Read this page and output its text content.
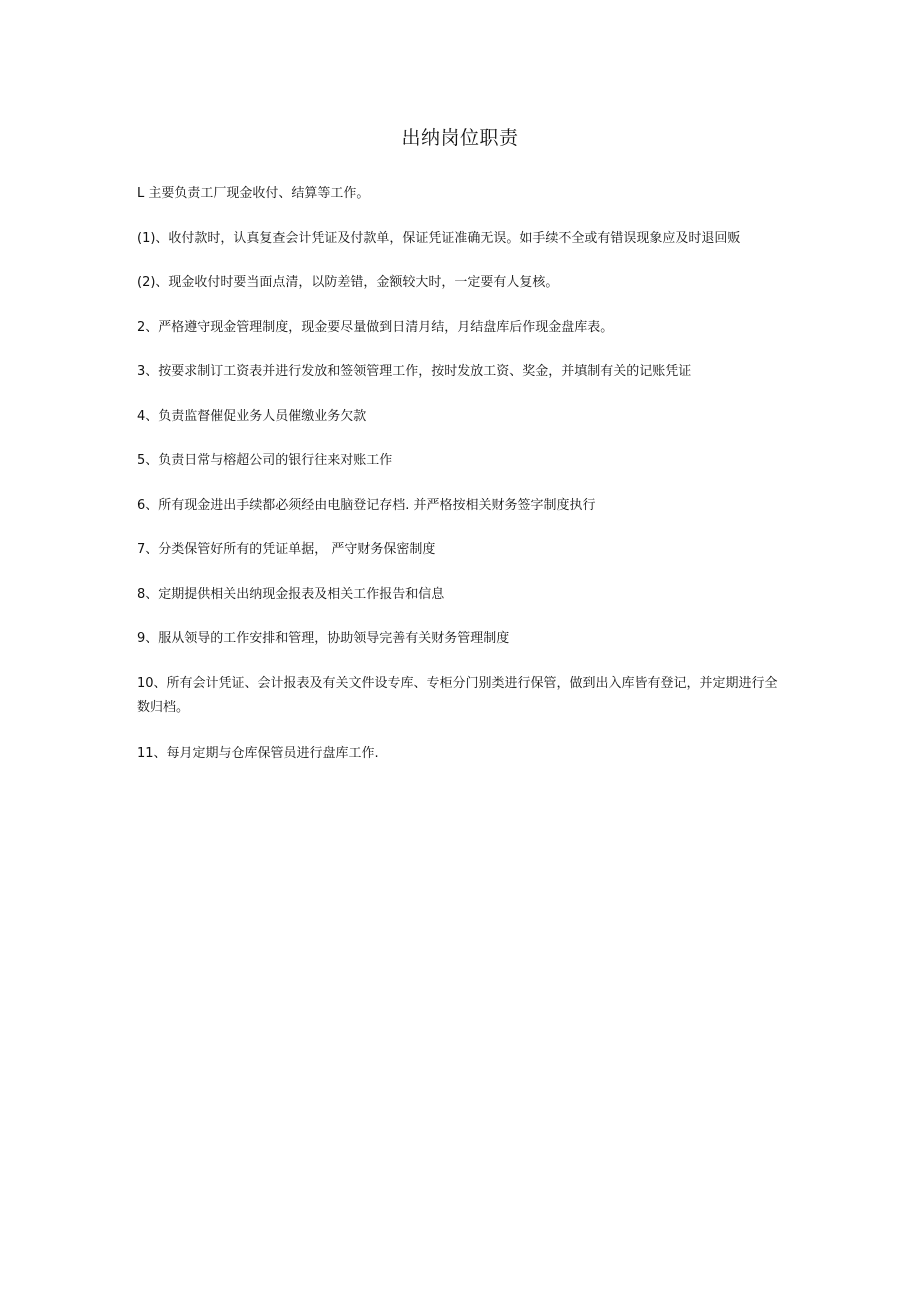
出纳岗位职责
L 主要负责工厂现金收付、结算等工作。
(1)、收付款时，认真复查会计凭证及付款单，保证凭证准确无误。如手续不全或有错误现象应及时退回贩
(2)、现金收付时要当面点清，以防差错，金额较大时，一定要有人复核。
2、严格遵守现金管理制度，现金要尽量做到日清月结，月结盘库后作现金盘库表。
3、按要求制订工资表并进行发放和签领管理工作，按时发放工资、奖金，并填制有关的记账凭证
4、负责监督催促业务人员催缴业务欠款
5、负责日常与榕超公司的银行往来对账工作
6、所有现金进出手续都必须经由电脑登记存档. 并严格按相关财务签字制度执行
7、分类保管好所有的凭证单据， 严守财务保密制度
8、定期提供相关出纳现金报表及相关工作报告和信息
9、服从领导的工作安排和管理，协助领导完善有关财务管理制度
10、所有会计凭证、会计报表及有关文件设专库、专柜分门别类进行保管，做到出入库皆有登记，并定期进行全数归档。
11、每月定期与仓库保管员进行盘库工作.
